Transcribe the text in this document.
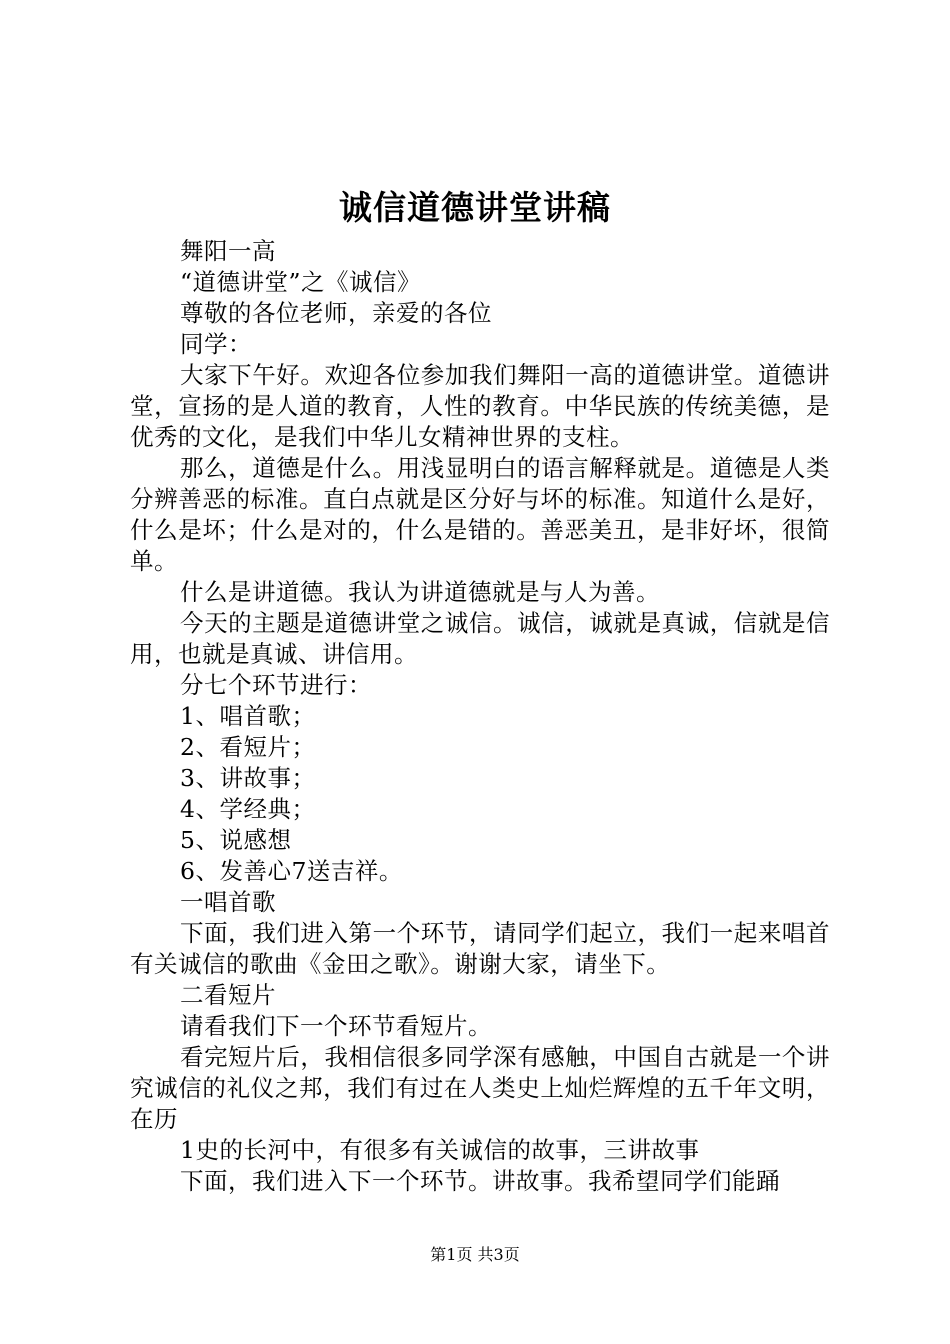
诚信道德讲堂讲稿

舞阳一高

“道德讲堂”之《诚信》

尊敬的各位老师，亲爱的各位

同学：

大家下午好。欢迎各位参加我们舞阳一高的道德讲堂。道德讲堂，宣扬的是人道的教育，人性的教育。中华民族的传统美德，是优秀的文化，是我们中华儿女精神世界的支柱。

那么，道德是什么。用浅显明白的语言解释就是。道德是人类分辨善恶的标准。直白点就是区分好与坏的标准。知道什么是好，什么是坏；什么是对的，什么是错的。善恶美丑，是非好坏，很简单。

什么是讲道德。我认为讲道德就是与人为善。

今天的主题是道德讲堂之诚信。诚信，诚就是真诚，信就是信用，也就是真诚、讲信用。

分七个环节进行：

1、唱首歌；

2、看短片；

3、讲故事；

4、学经典；

5、说感想

6、发善心7送吉祥。

一唱首歌

下面，我们进入第一个环节，请同学们起立，我们一起来唱首有关诚信的歌曲《金田之歌》。谢谢大家，请坐下。

二看短片

请看我们下一个环节看短片。

看完短片后，我相信很多同学深有感触，中国自古就是一个讲究诚信的礼仪之邦，我们有过在人类史上灿烂辉煌的五千年文明，在历

1史的长河中，有很多有关诚信的故事，三讲故事

下面，我们进入下一个环节。讲故事。我希望同学们能踊

第1页 共3页
